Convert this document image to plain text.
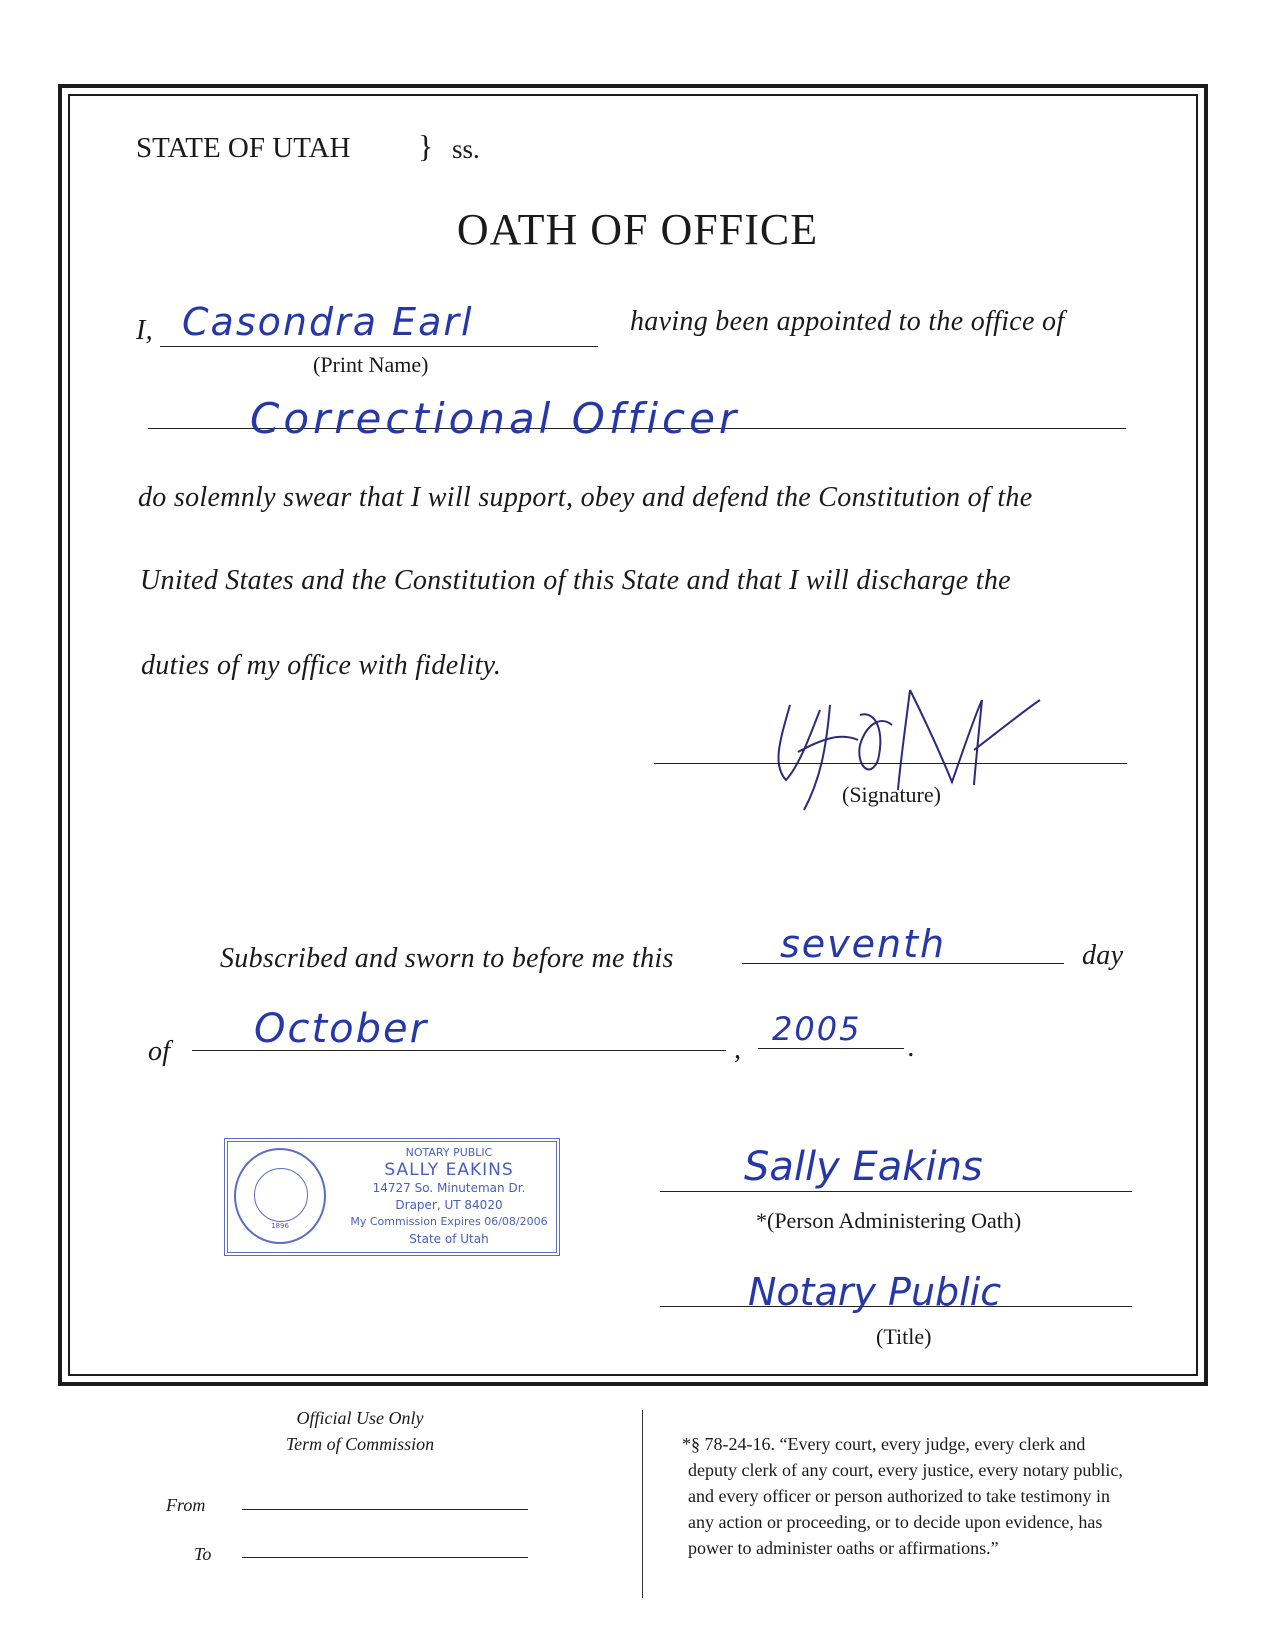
STATE OF UTAH } ss.
OATH OF OFFICE
I, Casondra Earl
(Print Name)
having been appointed to the office of
Correctional Officer
do solemnly swear that I will support, obey and defend the Constitution of the
United States and the Constitution of this State and that I will discharge the
duties of my office with fidelity.
(Signature)
Subscribed and sworn to before me this	seventh	day
of October	,
2005 .
1896
NOTARY PUBLIC
SALLY EAKINS
14727 So. Minuteman Dr.
Draper, UT 84020
My Commission Expires 06/08/2006
State of Utah
Sally Eakins
*(Person Administering Oath)
Notary Public
(Title)
Official Use Only
Term of Commission
From
To
*§ 78-24-16. “Every court, every judge, every clerk and
deputy clerk of any court, every justice, every notary public,
and every officer or person authorized to take testimony in
any action or proceeding, or to decide upon evidence, has
power to administer oaths or affirmations.”
